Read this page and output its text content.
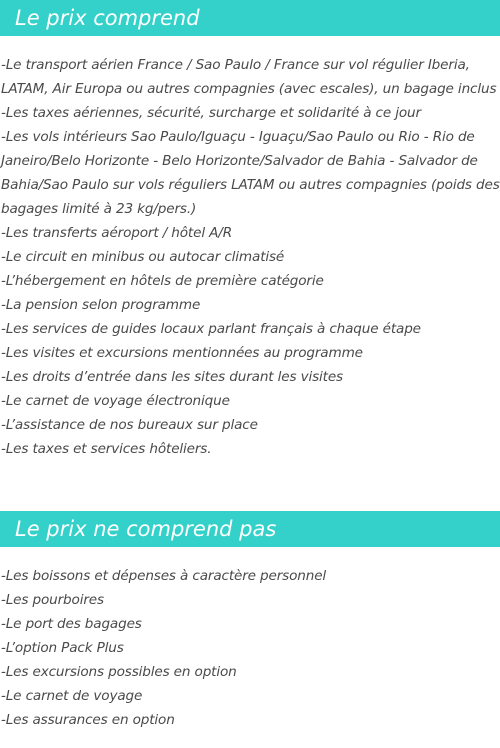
Le prix comprend
-Le transport aérien France / Sao Paulo / France sur vol régulier Iberia, LATAM, Air Europa ou autres compagnies (avec escales), un bagage inclus
-Les taxes aériennes, sécurité, surcharge et solidarité à ce jour
-Les vols intérieurs Sao Paulo/Iguaçu - Iguaçu/Sao Paulo ou Rio - Rio de Janeiro/Belo Horizonte - Belo Horizonte/Salvador de Bahia - Salvador de Bahia/Sao Paulo sur vols réguliers LATAM ou autres compagnies (poids des bagages limité à 23 kg/pers.)
-Les transferts aéroport / hôtel A/R
-Le circuit en minibus ou autocar climatisé
-L’hébergement en hôtels de première catégorie
-La pension selon programme
-Les services de guides locaux parlant français à chaque étape
-Les visites et excursions mentionnées au programme
-Les droits d’entrée dans les sites durant les visites
-Le carnet de voyage électronique
-L’assistance de nos bureaux sur place
-Les taxes et services hôteliers.
Le prix ne comprend pas
-Les boissons et dépenses à caractère personnel
-Les pourboires
-Le port des bagages
-L’option Pack Plus
-Les excursions possibles en option
-Le carnet de voyage
-Les assurances en option
